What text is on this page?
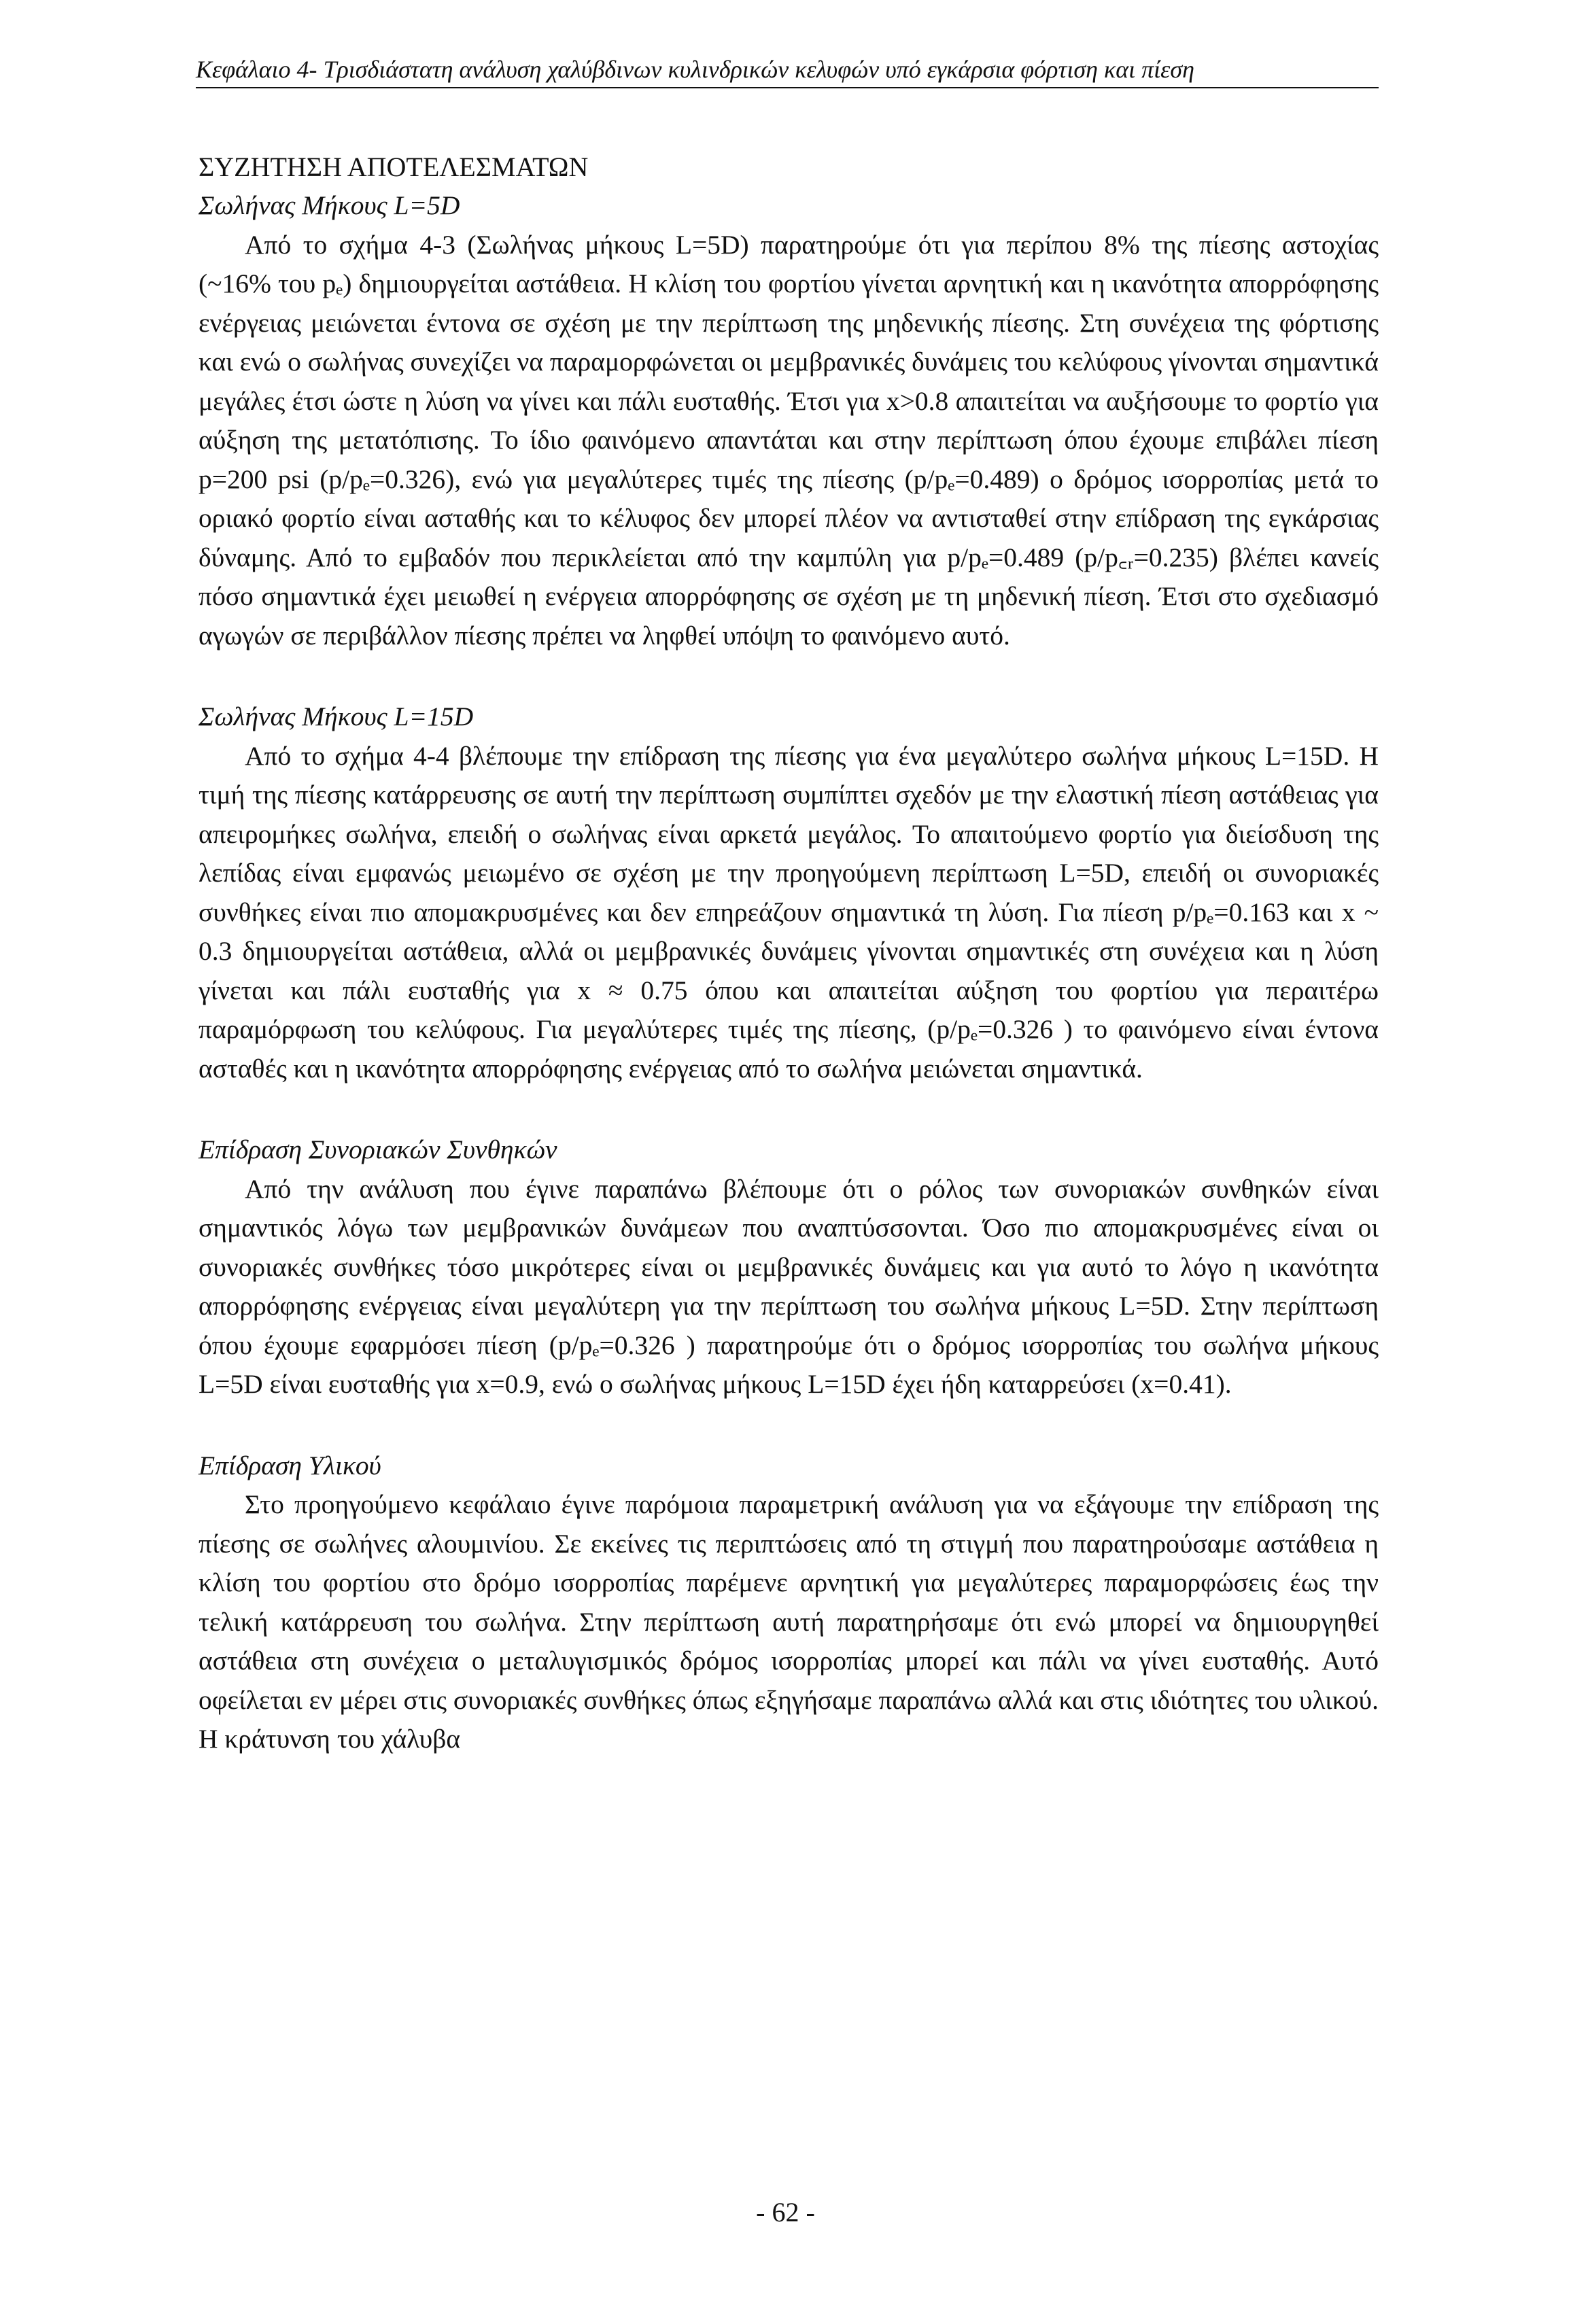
Κεφάλαιο 4- Τρισδιάστατη ανάλυση χαλύβδινων κυλινδρικών κελυφών υπό εγκάρσια φόρτιση και πίεση

ΣΥΖΗΤΗΣΗ ΑΠΟΤΕΛΕΣΜΑΤΩΝ

Σωλήνας Μήκους L=5D

Από το σχήμα 4-3 (Σωλήνας μήκους L=5D) παρατηρούμε ότι για περίπου 8% της πίεσης αστοχίας (~16% του pₑ) δημιουργείται αστάθεια. Η κλίση του φορτίου γίνεται αρνητική και η ικανότητα απορρόφησης ενέργειας μειώνεται έντονα σε σχέση με την περίπτωση της μηδενικής πίεσης. Στη συνέχεια της φόρτισης και ενώ ο σωλήνας συνεχίζει να παραμορφώνεται οι μεμβρανικές δυνάμεις του κελύφους γίνονται σημαντικά μεγάλες έτσι ώστε η λύση να γίνει και πάλι ευσταθής. Έτσι για x>0.8 απαιτείται να αυξήσουμε το φορτίο για αύξηση της μετατόπισης. Το ίδιο φαινόμενο απαντάται και στην περίπτωση όπου έχουμε επιβάλει πίεση p=200 psi (p/pₑ=0.326), ενώ για μεγαλύτερες τιμές της πίεσης (p/pₑ=0.489) ο δρόμος ισορροπίας μετά το οριακό φορτίο είναι ασταθής και το κέλυφος δεν μπορεί πλέον να αντισταθεί στην επίδραση της εγκάρσιας δύναμης. Από το εμβαδόν που περικλείεται από την καμπύλη για p/pₑ=0.489 (p/p꜀ᵣ=0.235) βλέπει κανείς πόσο σημαντικά έχει μειωθεί η ενέργεια απορρόφησης σε σχέση με τη μηδενική πίεση. Έτσι στο σχεδιασμό αγωγών σε περιβάλλον πίεσης πρέπει να ληφθεί υπόψη το φαινόμενο αυτό.

Σωλήνας Μήκους L=15D

Από το σχήμα 4-4 βλέπουμε την επίδραση της πίεσης για ένα μεγαλύτερο σωλήνα μήκους L=15D. Η τιμή της πίεσης κατάρρευσης σε αυτή την περίπτωση συμπίπτει σχεδόν με την ελαστική πίεση αστάθειας για απειρομήκες σωλήνα, επειδή ο σωλήνας είναι αρκετά μεγάλος. Το απαιτούμενο φορτίο για διείσδυση της λεπίδας είναι εμφανώς μειωμένο σε σχέση με την προηγούμενη περίπτωση L=5D, επειδή οι συνοριακές συνθήκες είναι πιο απομακρυσμένες και δεν επηρεάζουν σημαντικά τη λύση. Για πίεση p/pₑ=0.163 και x ~ 0.3 δημιουργείται αστάθεια, αλλά οι μεμβρανικές δυνάμεις γίνονται σημαντικές στη συνέχεια και η λύση γίνεται και πάλι ευσταθής για x ≈ 0.75 όπου και απαιτείται αύξηση του φορτίου για περαιτέρω παραμόρφωση του κελύφους. Για μεγαλύτερες τιμές της πίεσης, (p/pₑ=0.326 ) το φαινόμενο είναι έντονα ασταθές και η ικανότητα απορρόφησης ενέργειας από το σωλήνα μειώνεται σημαντικά.

Επίδραση Συνοριακών Συνθηκών

Από την ανάλυση που έγινε παραπάνω βλέπουμε ότι ο ρόλος των συνοριακών συνθηκών είναι σημαντικός λόγω των μεμβρανικών δυνάμεων που αναπτύσσονται. Όσο πιο απομακρυσμένες είναι οι συνοριακές συνθήκες τόσο μικρότερες είναι οι μεμβρανικές δυνάμεις και για αυτό το λόγο η ικανότητα απορρόφησης ενέργειας είναι μεγαλύτερη για την περίπτωση του σωλήνα μήκους L=5D. Στην περίπτωση όπου έχουμε εφαρμόσει πίεση (p/pₑ=0.326 ) παρατηρούμε ότι ο δρόμος ισορροπίας του σωλήνα μήκους L=5D είναι ευσταθής για x=0.9, ενώ ο σωλήνας μήκους L=15D έχει ήδη καταρρεύσει (x=0.41).

Επίδραση Υλικού

Στο προηγούμενο κεφάλαιο έγινε παρόμοια παραμετρική ανάλυση για να εξάγουμε την επίδραση της πίεσης σε σωλήνες αλουμινίου. Σε εκείνες τις περιπτώσεις από τη στιγμή που παρατηρούσαμε αστάθεια η κλίση του φορτίου στο δρόμο ισορροπίας παρέμενε αρνητική για μεγαλύτερες παραμορφώσεις έως την τελική κατάρρευση του σωλήνα. Στην περίπτωση αυτή παρατηρήσαμε ότι ενώ μπορεί να δημιουργηθεί αστάθεια στη συνέχεια ο μεταλυγισμικός δρόμος ισορροπίας μπορεί και πάλι να γίνει ευσταθής. Αυτό οφείλεται εν μέρει στις συνοριακές συνθήκες όπως εξηγήσαμε παραπάνω αλλά και στις ιδιότητες του υλικού. Η κράτυνση του χάλυβα

- 62 -
